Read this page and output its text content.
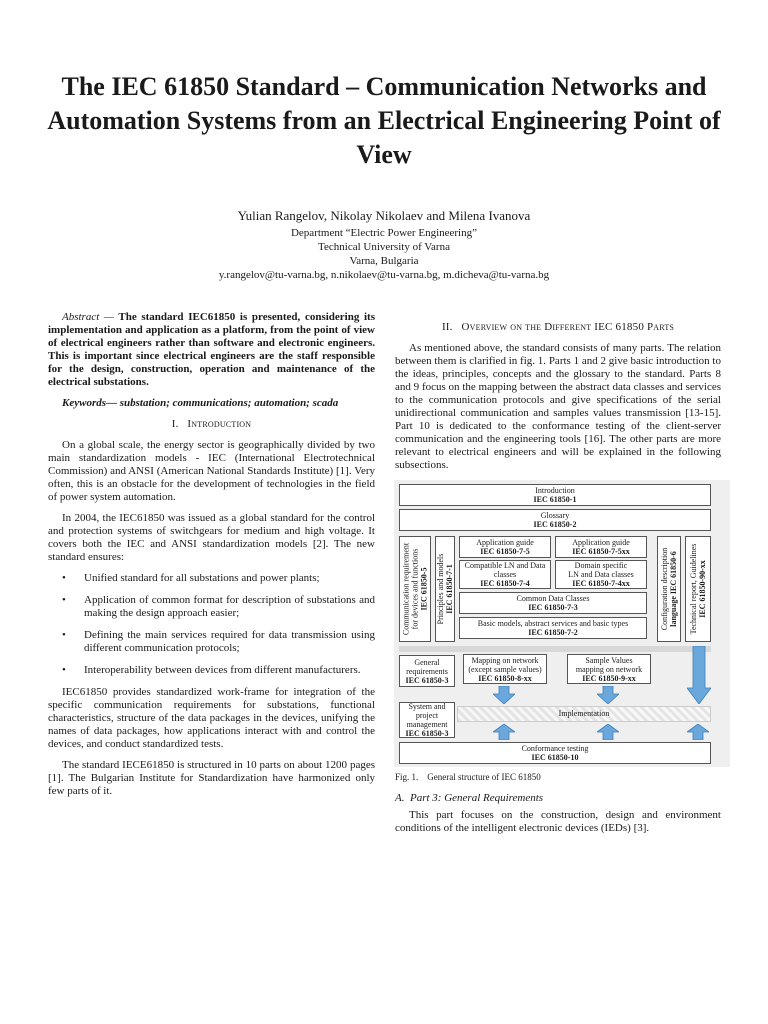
The IEC 61850 Standard – Communication Networks and Automation Systems from an Electrical Engineering Point of View
Yulian Rangelov, Nikolay Nikolaev and Milena Ivanova
Department “Electric Power Engineering”
Technical University of Varna
Varna, Bulgaria
y.rangelov@tu-varna.bg, n.nikolaev@tu-varna.bg, m.dicheva@tu-varna.bg

Abstract — The standard IEC61850 is presented, considering its implementation and application as a platform, from the point of view of electrical engineers rather than software and electronic engineers. This is important since electrical engineers are the staff responsible for the design, construction, operation and maintenance of the electrical substations.

Keywords— substation; communications; automation; scada

I. Introduction

On a global scale, the energy sector is geographically divided by two main standardization models - IEC (International Electrotechnical Commission) and ANSI (American National Standards Institute) [1]. Very often, this is an obstacle for the development of technologies in the field of power system automation.

In 2004, the IEC61850 was issued as a global standard for the control and protection systems of switchgears for medium and high voltage. It covers both the IEC and ANSI standardization models [2]. The new standard ensures:

• Unified standard for all substations and power plants;
• Application of common format for description of substations and making the design approach easier;
• Defining the main services required for data transmission using different communication protocols;
• Interoperability between devices from different manufacturers.

IEC61850 provides standardized work-frame for integration of the specific communication requirements for substations, functional characteristics, structure of the data packages in the devices, unifying the names of data packages, how applications interact with and control the devices, and conduct standardized tests.

The standard IECE61850 is structured in 10 parts on about 1200 pages [1]. The Bulgarian Institute for Standardization have harmonized only few parts of it.

II. Overview on the Different IEC 61850 Parts

As mentioned above, the standard consists of many parts. The relation between them is clarified in fig. 1. Parts 1 and 2 give basic introduction to the ideas, principles, concepts and the glossary to the standard. Parts 8 and 9 focus on the mapping between the abstract data classes and services to the communication protocols and give specifications of the serial unidirectional communication and samples values transmission [13-15]. Part 10 is dedicated to the conformance testing of the client-server communication and the engineering tools [16]. The other parts are more relevant to electrical engineers and will be explained in the following subsections.

Introduction
IEC 61850-1
Glossary
IEC 61850-2
Communication requirement
for devices and functions
IEC 61850-5 Principles and models
IEC 61850-7-1
Application guide
IEC 61850-7-5
Application guide
IEC 61850-7-5xx
Compatible LN and Data
classes
IEC 61850-7-4
Domain specific
LN and Data classes
IEC 61850-7-4xx
Common Data Classes
IEC 61850-7-3
Basic models, abstract services and basic types
IEC 61850-7-2
Configuration description
language IEC 61850-6 Technical report, Guidelines
IEC 61850-90-xx
General
requirements
IEC 61850-3
Mapping on network
(except sample values)
IEC 61850-8-xx
Sample Values
mapping on network
IEC 61850-9-xx
Implementation
System and
project
management
IEC 61850-3
Conformance testing
IEC 61850-10
Fig. 1. General structure of IEC 61850
A. Part 3: General Requirements

This part focuses on the construction, design and environment conditions of the intelligent electronic devices (IEDs) [3].
